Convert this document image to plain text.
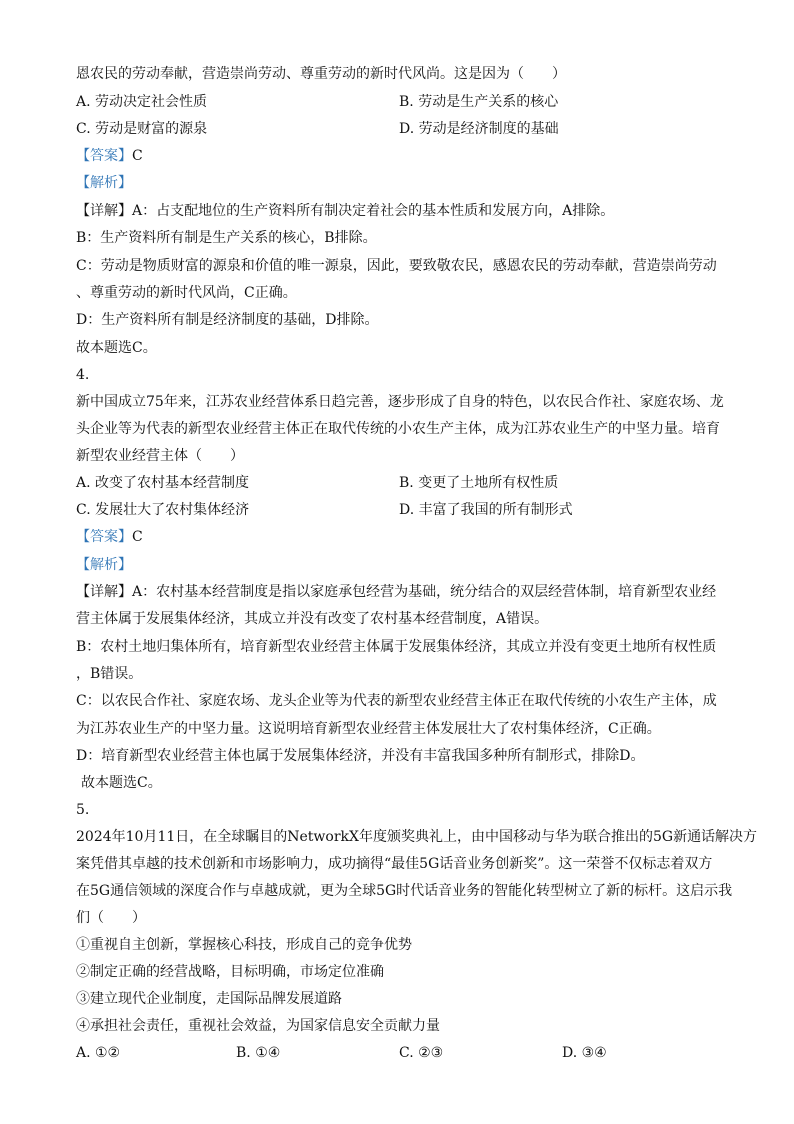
恩农民的劳动奉献，营造崇尚劳动、尊重劳动的新时代风尚。这是因为（　　）
A. 劳动决定社会性质	B. 劳动是生产关系的核心
C. 劳动是财富的源泉	D. 劳动是经济制度的基础
【答案】C
【解析】
【详解】A：占支配地位的生产资料所有制决定着社会的基本性质和发展方向，A排除。
B：生产资料所有制是生产关系的核心，B排除。
C：劳动是物质财富的源泉和价值的唯一源泉，因此，要致敬农民，感恩农民的劳动奉献，营造崇尚劳动
、尊重劳动的新时代风尚，C正确。
D：生产资料所有制是经济制度的基础，D排除。
故本题选C。
4.
新中国成立75年来，江苏农业经营体系日趋完善，逐步形成了自身的特色，以农民合作社、家庭农场、龙
头企业等为代表的新型农业经营主体正在取代传统的小农生产主体，成为江苏农业生产的中坚力量。培育
新型农业经营主体（　　）
A. 改变了农村基本经营制度	B. 变更了土地所有权性质
C. 发展壮大了农村集体经济	D. 丰富了我国的所有制形式
【答案】C
【解析】
【详解】A：农村基本经营制度是指以家庭承包经营为基础，统分结合的双层经营体制，培育新型农业经
营主体属于发展集体经济，其成立并没有改变了农村基本经营制度，A错误。
B：农村土地归集体所有，培育新型农业经营主体属于发展集体经济，其成立并没有变更土地所有权性质
，B错误。
C：以农民合作社、家庭农场、龙头企业等为代表的新型农业经营主体正在取代传统的小农生产主体，成
为江苏农业生产的中坚力量。这说明培育新型农业经营主体发展壮大了农村集体经济，C正确。
D：培育新型农业经营主体也属于发展集体经济，并没有丰富我国多种所有制形式，排除D。
故本题选C。
5.
2024年10月11日，在全球瞩目的NetworkX年度颁奖典礼上，由中国移动与华为联合推出的5G新通话解决方
案凭借其卓越的技术创新和市场影响力，成功摘得“最佳5G话音业务创新奖”。这一荣誉不仅标志着双方
在5G通信领域的深度合作与卓越成就，更为全球5G时代话音业务的智能化转型树立了新的标杆。这启示我
们（　　）
①重视自主创新，掌握核心科技，形成自己的竞争优势
②制定正确的经营战略，目标明确，市场定位准确
③建立现代企业制度，走国际品牌发展道路
④承担社会责任，重视社会效益，为国家信息安全贡献力量
A. ①②	B. ①④	C. ②③	D. ③④
